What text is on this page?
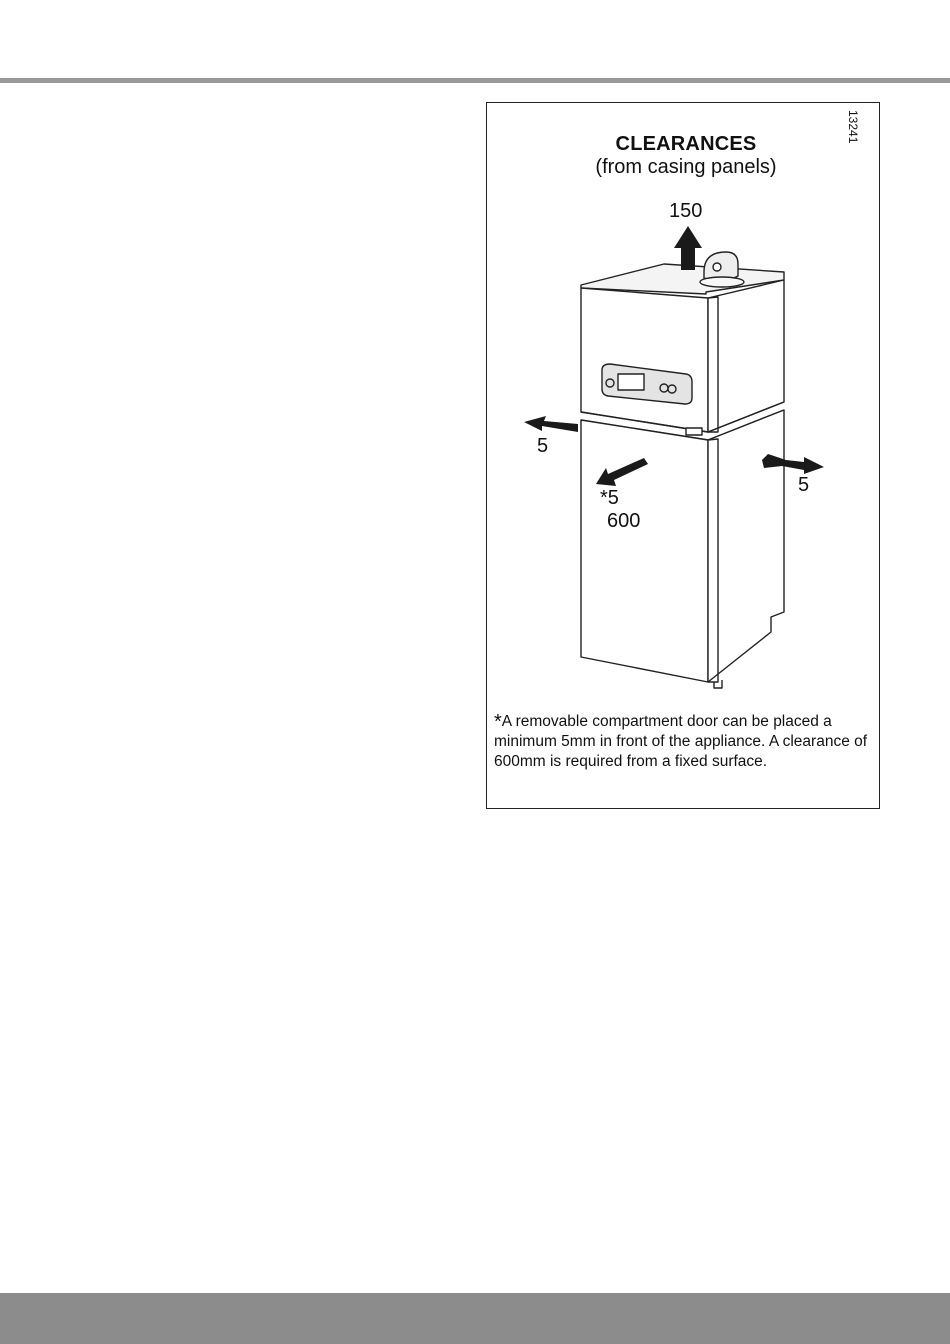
13241
CLEARANCES
(from casing panels)
150
5
5
*5
600
*A removable compartment door can be placed a minimum 5mm in front of the appliance. A clearance of 600mm is required from a fixed surface.
